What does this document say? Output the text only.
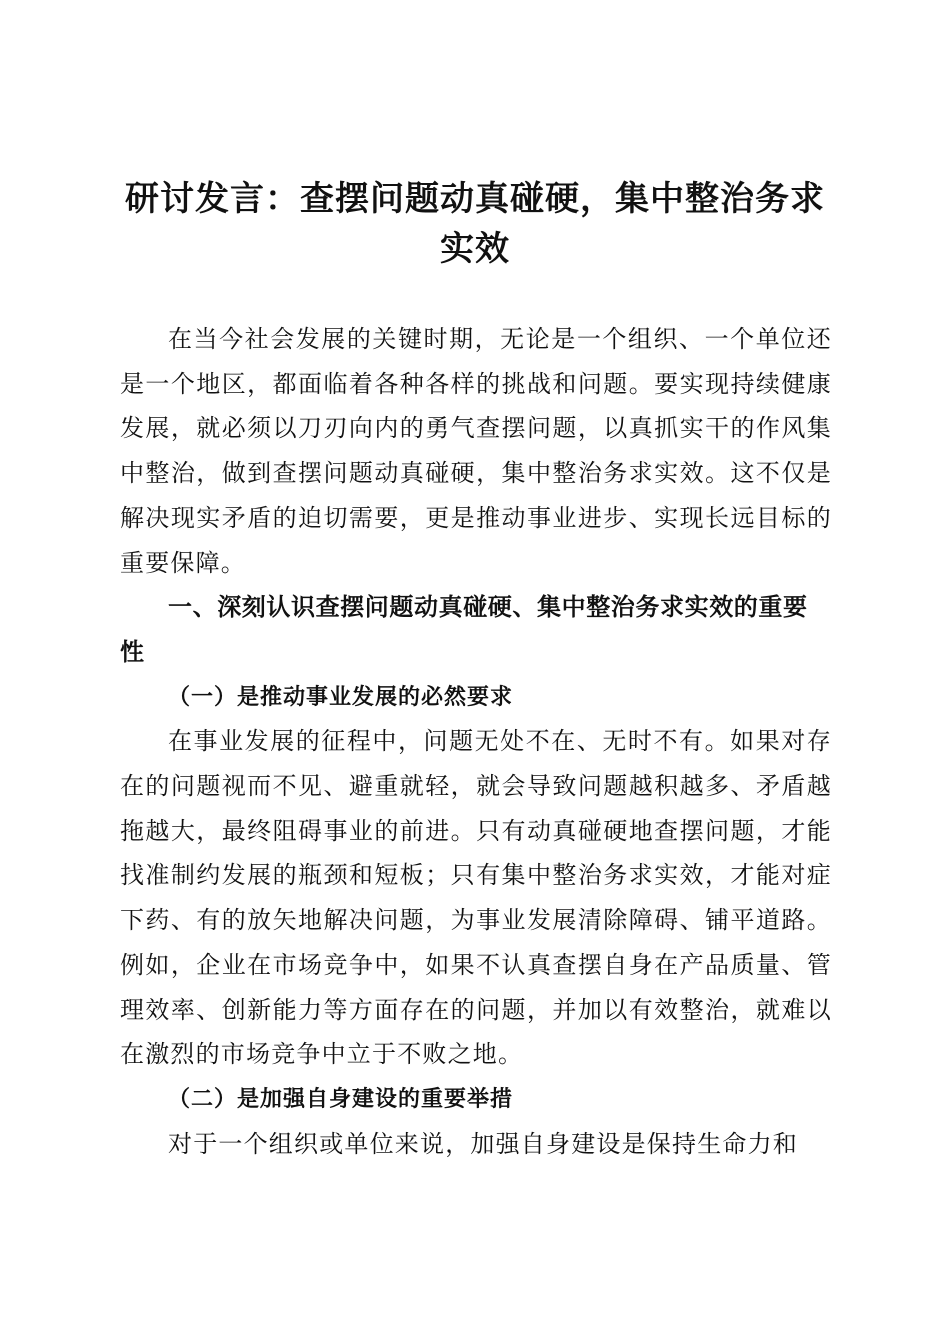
研讨发言：查摆问题动真碰硬，集中整治务求实效

在当今社会发展的关键时期，无论是一个组织、一个单位还是一个地区，都面临着各种各样的挑战和问题。要实现持续健康发展，就必须以刀刃向内的勇气查摆问题，以真抓实干的作风集中整治，做到查摆问题动真碰硬，集中整治务求实效。这不仅是解决现实矛盾的迫切需要，更是推动事业进步、实现长远目标的重要保障。

一、深刻认识查摆问题动真碰硬、集中整治务求实效的重要性

（一）是推动事业发展的必然要求

在事业发展的征程中，问题无处不在、无时不有。如果对存在的问题视而不见、避重就轻，就会导致问题越积越多、矛盾越拖越大，最终阻碍事业的前进。只有动真碰硬地查摆问题，才能找准制约发展的瓶颈和短板；只有集中整治务求实效，才能对症下药、有的放矢地解决问题，为事业发展清除障碍、铺平道路。例如，企业在市场竞争中，如果不认真查摆自身在产品质量、管理效率、创新能力等方面存在的问题，并加以有效整治，就难以在激烈的市场竞争中立于不败之地。

（二）是加强自身建设的重要举措

对于一个组织或单位来说，加强自身建设是保持生命力和
